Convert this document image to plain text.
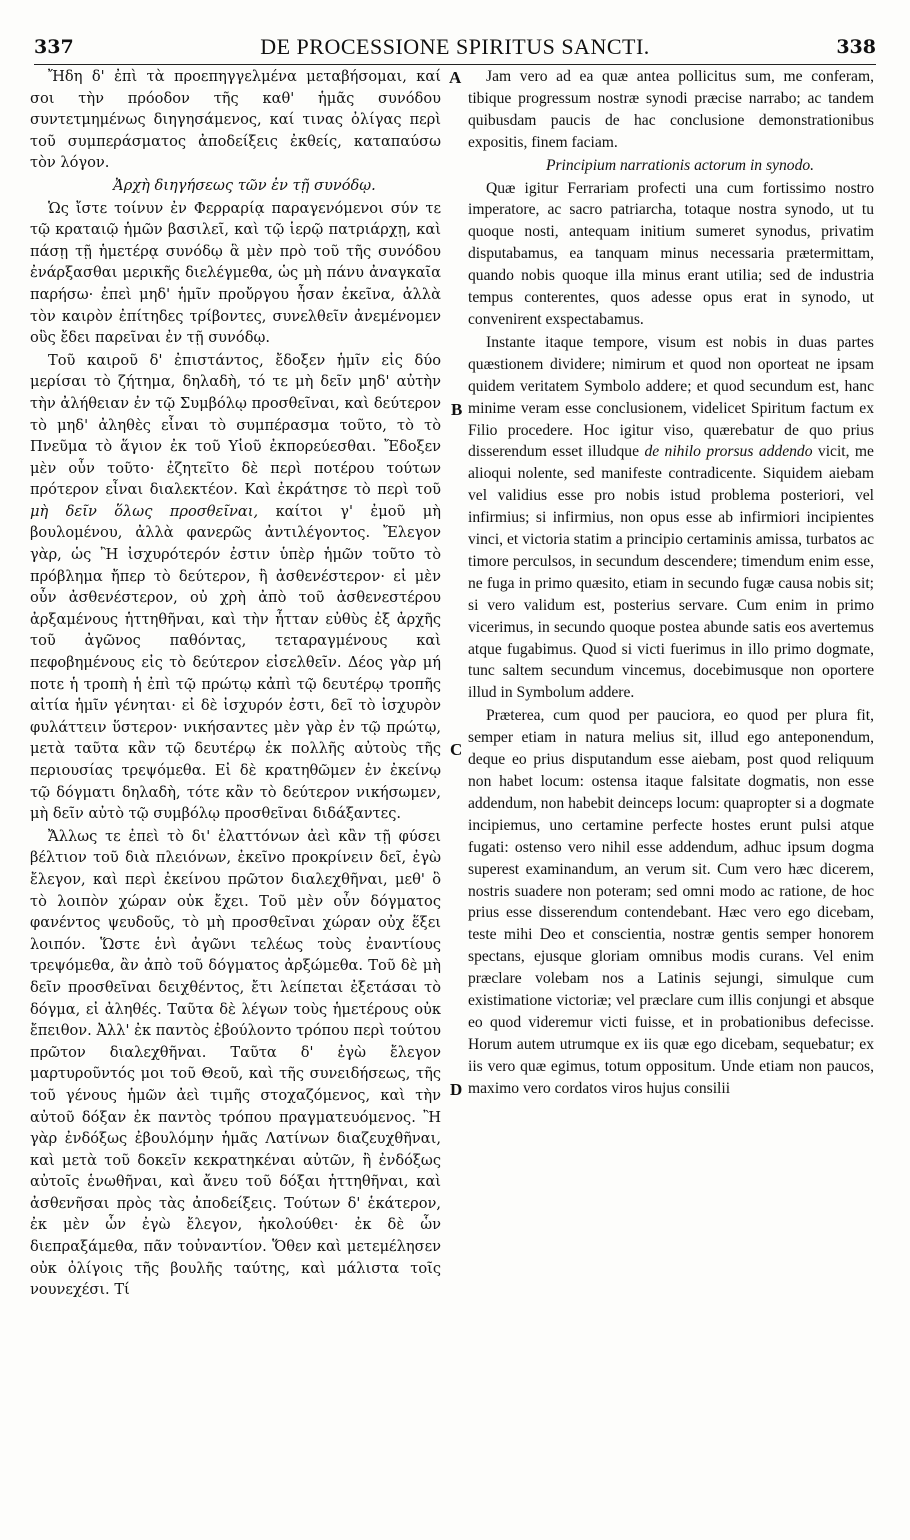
337	DE PROCESSIONE SPIRITUS SANCTI.	338
A
B
C
D

Ἤδη δ' ἐπὶ τὰ προεπηγγελμένα μεταβήσομαι, καί σοι τὴν πρόοδον τῆς καθ' ἡμᾶς συνόδου συντετμημένως διηγησάμενος, καί τινας ὀλίγας περὶ τοῦ συμπεράσματος ἀποδείξεις ἐκθείς, καταπαύσω τὸν λόγον.

Ἀρχὴ διηγήσεως τῶν ἐν τῇ συνόδῳ.

Ὡς ἴστε τοίνυν ἐν Φερραρίᾳ παραγενόμενοι σύν τε τῷ κραταιῷ ἡμῶν βασιλεῖ, καὶ τῷ ἱερῷ πατριάρχῃ, καὶ πάσῃ τῇ ἡμετέρᾳ συνόδῳ ἃ μὲν πρὸ τοῦ τῆς συνόδου ἐνάρξασθαι μερικῆς διελέγμεθα, ὡς μὴ πάνυ ἀναγκαῖα παρήσω· ἐπεὶ μηδ' ἡμῖν προὔργου ἦσαν ἐκεῖνα, ἀλλὰ τὸν καιρὸν ἐπίτηδες τρίβοντες, συνελθεῖν ἀνεμένομεν οὓς ἔδει παρεῖναι ἐν τῇ συνόδῳ.

Τοῦ καιροῦ δ' ἐπιστάντος, ἔδοξεν ἡμῖν εἰς δύο μερίσαι τὸ ζήτημα, δηλαδὴ, τό τε μὴ δεῖν μηδ' αὐτὴν τὴν ἀλήθειαν ἐν τῷ Συμβόλῳ προσθεῖναι, καὶ δεύτερον τὸ μηδ' ἀληθὲς εἶναι τὸ συμπέρασμα τοῦτο, τὸ τὸ Πνεῦμα τὸ ἅγιον ἐκ τοῦ Υἱοῦ ἐκπορεύεσθαι. Ἔδοξεν μὲν οὖν τοῦτο· ἐζητεῖτο δὲ περὶ ποτέρου τούτων πρότερον εἶναι διαλεκτέον. Καὶ ἐκράτησε τὸ περὶ τοῦ μὴ δεῖν ὅλως προσθεῖναι, καίτοι γ' ἐμοῦ μὴ βουλομένου, ἀλλὰ φανερῶς ἀντιλέγοντος. Ἔλεγον γὰρ, ὡς Ἢ ἰσχυρότερόν ἐστιν ὑπὲρ ἡμῶν τοῦτο τὸ πρόβλημα ἤπερ τὸ δεύτερον, ἢ ἀσθενέστερον· εἰ μὲν οὖν ἀσθενέστερον, οὐ χρὴ ἀπὸ τοῦ ἀσθενεστέρου ἀρξαμένους ἡττηθῆναι, καὶ τὴν ἧτταν εὐθὺς ἐξ ἀρχῆς τοῦ ἀγῶνος παθόντας, τεταραγμένους καὶ πεφοβημένους εἰς τὸ δεύτερον εἰσελθεῖν. Δέος γὰρ μή ποτε ἡ τροπὴ ἡ ἐπὶ τῷ πρώτῳ κἀπὶ τῷ δευτέρῳ τροπῆς αἰτία ἡμῖν γένηται· εἰ δὲ ἰσχυρόν ἐστι, δεῖ τὸ ἰσχυρὸν φυλάττειν ὕστερον· νικήσαντες μὲν γὰρ ἐν τῷ πρώτῳ, μετὰ ταῦτα κἂν τῷ δευτέρῳ ἐκ πολλῆς αὐτοὺς τῆς περιουσίας τρεψόμεθα. Εἰ δὲ κρατηθῶμεν ἐν ἐκείνῳ τῷ δόγματι δηλαδὴ, τότε κἂν τὸ δεύτερον νικήσωμεν, μὴ δεῖν αὐτὸ τῷ συμβόλῳ προσθεῖναι διδάξαντες.

Ἄλλως τε ἐπεὶ τὸ δι' ἐλαττόνων ἀεὶ κἂν τῇ φύσει βέλτιον τοῦ διὰ πλειόνων, ἐκεῖνο προκρίνειν δεῖ, ἐγὼ ἔλεγον, καὶ περὶ ἐκείνου πρῶτον διαλεχθῆναι, μεθ' ὃ τὸ λοιπὸν χώραν οὐκ ἔχει. Τοῦ μὲν οὖν δόγματος φανέντος ψευδοῦς, τὸ μὴ προσθεῖναι χώραν οὐχ ἕξει λοιπόν. Ὥστε ἑνὶ ἀγῶνι τελέως τοὺς ἐναντίους τρεψόμεθα, ἂν ἀπὸ τοῦ δόγματος ἀρξώμεθα. Τοῦ δὲ μὴ δεῖν προσθεῖναι δειχθέντος, ἔτι λείπεται ἐξετάσαι τὸ δόγμα, εἰ ἀληθές. Ταῦτα δὲ λέγων τοὺς ἡμετέρους οὐκ ἔπειθον. Ἀλλ' ἐκ παντὸς ἐβούλοντο τρόπου περὶ τούτου πρῶτον διαλεχθῆναι. Ταῦτα δ' ἐγὼ ἔλεγον μαρτυροῦντός μοι τοῦ Θεοῦ, καὶ τῆς συνειδήσεως, τῆς τοῦ γένους ἡμῶν ἀεὶ τιμῆς στοχαζόμενος, καὶ τὴν αὐτοῦ δόξαν ἐκ παντὸς τρόπου πραγματευόμενος. Ἢ γὰρ ἐνδόξως ἐβουλόμην ἡμᾶς Λατίνων διαζευχθῆναι, καὶ μετὰ τοῦ δοκεῖν κεκρατηκέναι αὐτῶν, ἢ ἐνδόξως αὐτοῖς ἑνωθῆναι, καὶ ἄνευ τοῦ δόξαι ἡττηθῆναι, καὶ ἀσθενῆσαι πρὸς τὰς ἀποδείξεις. Τούτων δ' ἑκάτερον, ἐκ μὲν ὧν ἐγὼ ἔλεγον, ἠκολούθει· ἐκ δὲ ὧν διεπραξάμεθα, πᾶν τοὐναντίον. Ὅθεν καὶ μετεμέλησεν οὐκ ὀλίγοις τῆς βουλῆς ταύτης, καὶ μάλιστα τοῖς νουνεχέσι. Τί

Jam vero ad ea quæ antea pollicitus sum, me conferam, tibique progressum nostræ synodi præcise narrabo; ac tandem quibusdam paucis de hac conclusione demonstrationibus expositis, finem faciam.

Principium narrationis actorum in synodo.

Quæ igitur Ferrariam profecti una cum fortissimo nostro imperatore, ac sacro patriarcha, totaque nostra synodo, ut tu quoque nosti, antequam initium sumeret synodus, privatim disputabamus, ea tanquam minus necessaria prætermittam, quando nobis quoque illa minus erant utilia; sed de industria tempus conterentes, quos adesse opus erat in synodo, ut convenirent exspectabamus.

Instante itaque tempore, visum est nobis in duas partes quæstionem dividere; nimirum et quod non oporteat ne ipsam quidem veritatem Symbolo addere; et quod secundum est, hanc minime veram esse conclusionem, videlicet Spiritum factum ex Filio procedere. Hoc igitur viso, quærebatur de quo prius disserendum esset illudque de nihilo prorsus addendo vicit, me alioqui nolente, sed manifeste contradicente. Siquidem aiebam vel validius esse pro nobis istud problema posteriori, vel infirmius; si infirmius, non opus esse ab infirmiori incipientes vinci, et victoria statim a principio certaminis amissa, turbatos ac timore perculsos, in secundum descendere; timendum enim esse, ne fuga in primo quæsito, etiam in secundo fugæ causa nobis sit; si vero validum est, posterius servare. Cum enim in primo vicerimus, in secundo quoque postea abunde satis eos avertemus atque fugabimus. Quod si victi fuerimus in illo primo dogmate, tunc saltem secundum vincemus, docebimusque non oportere illud in Symbolum addere.

Præterea, cum quod per pauciora, eo quod per plura fit, semper etiam in natura melius sit, illud ego anteponendum, deque eo prius disputandum esse aiebam, post quod reliquum non habet locum: ostensa itaque falsitate dogmatis, non esse addendum, non habebit deinceps locum: quapropter si a dogmate incipiemus, uno certamine perfecte hostes erunt pulsi atque fugati: ostenso vero nihil esse addendum, adhuc ipsum dogma superest examinandum, an verum sit. Cum vero hæc dicerem, nostris suadere non poteram; sed omni modo ac ratione, de hoc prius esse disserendum contendebant. Hæc vero ego dicebam, teste mihi Deo et conscientia, nostræ gentis semper honorem spectans, ejusque gloriam omnibus modis curans. Vel enim præclare volebam nos a Latinis sejungi, simulque cum existimatione victoriæ; vel præclare cum illis conjungi et absque eo quod videremur victi fuisse, et in probationibus defecisse. Horum autem utrumque ex iis quæ ego dicebam, sequebatur; ex iis vero quæ egimus, totum oppositum. Unde etiam non paucos, maximo vero cordatos viros hujus consilii
